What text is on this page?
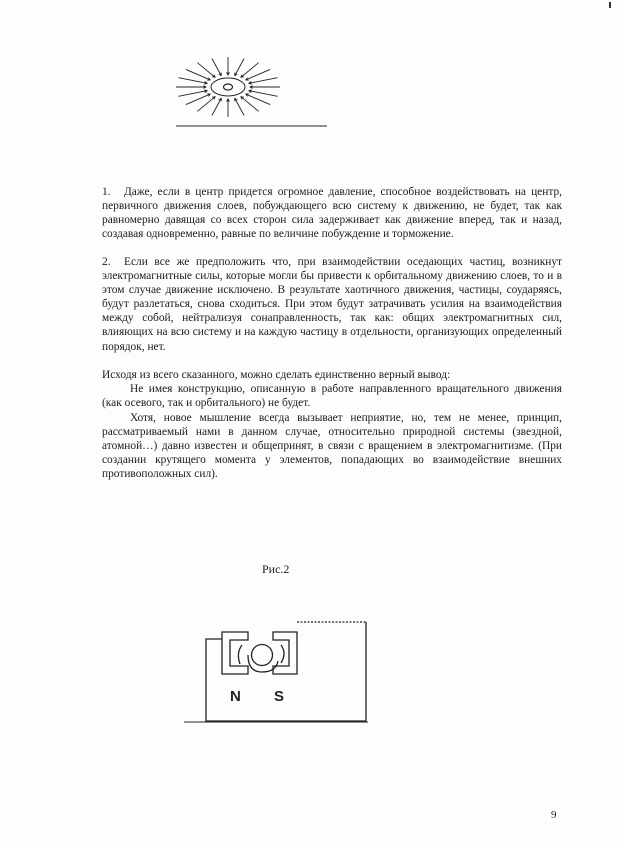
1. Даже, если в центр придется огромное давление, способное воздействовать на центр, первичного движения слоев, побуждающего всю систему к движению, не будет, так как равномерно давящая со всех сторон сила задерживает как движение вперед, так и назад, создавая одновременно, равные по величине побуждение и торможение.

2. Если все же предположить что, при взаимодействии оседающих частиц, возникнут электромагнитные силы, которые могли бы привести к орбитальному движению слоев, то и в этом случае движение исключено. В результате хаотичного движения, частицы, соударяясь, будут разлетаться, снова сходиться. При этом будут затрачивать усилия на взаимодействия между собой, нейтрализуя сонаправленность, так как: общих электромагнитных сил, влияющих на всю систему и на каждую частицу в отдельности, организующих определенный порядок, нет.

Исходя из всего сказанного, можно сделать единственно верный вывод:

Не имея конструкцию, описанную в работе направленного вращательного движения (как осевого, так и орбитального) не будет.

Хотя, новое мышление всегда вызывает неприятие, но, тем не менее, принцип, рассматриваемый нами в данном случае, относительно природной системы (звездной, атомной…) давно известен и общепринят, в связи с вращением в электромагнитизме. (При создании крутящего момента у элементов, попадающих во взаимодействие внешних противоположных сил).

Рис.2
N S
9
